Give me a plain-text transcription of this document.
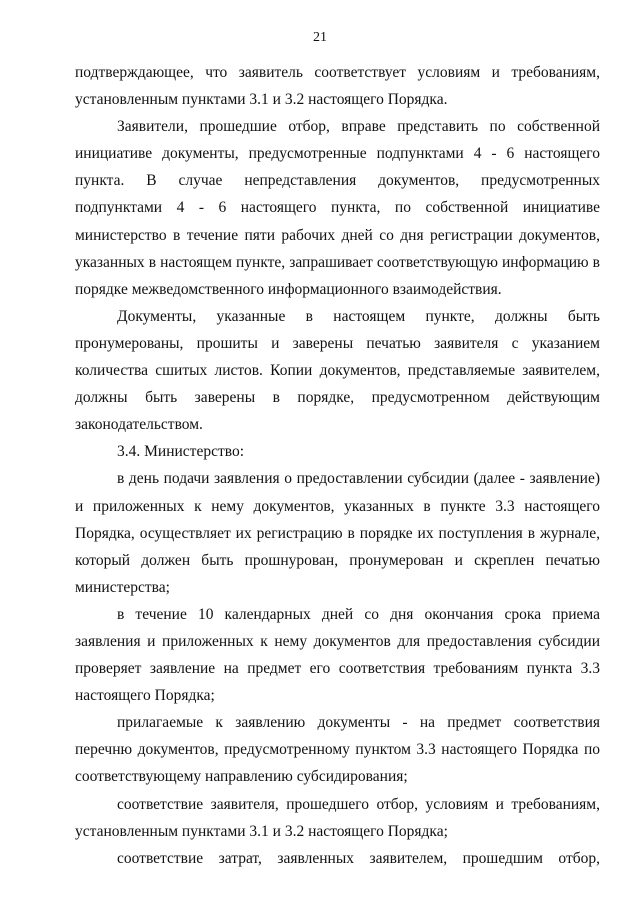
21

подтверждающее, что заявитель соответствует условиям и требованиям, установленным пунктами 3.1 и 3.2 настоящего Порядка.

Заявители, прошедшие отбор, вправе представить по собственной инициативе документы, предусмотренные подпунктами 4 - 6 настоящего пункта. В случае непредставления документов, предусмотренных подпунктами 4 - 6 настоящего пункта, по собственной инициативе министерство в течение пяти рабочих дней со дня регистрации документов, указанных в настоящем пункте, запрашивает соответствующую информацию в порядке межведомственного информационного взаимодействия.

Документы, указанные в настоящем пункте, должны быть пронумерованы, прошиты и заверены печатью заявителя с указанием количества сшитых листов. Копии документов, представляемые заявителем, должны быть заверены в порядке, предусмотренном действующим законодательством.

3.4. Министерство:

в день подачи заявления о предоставлении субсидии (далее - заявление) и приложенных к нему документов, указанных в пункте 3.3 настоящего Порядка, осуществляет их регистрацию в порядке их поступления в журнале, который должен быть прошнурован, пронумерован и скреплен печатью министерства;

в течение 10 календарных дней со дня окончания срока приема заявления и приложенных к нему документов для предоставления субсидии проверяет заявление на предмет его соответствия требованиям пункта 3.3 настоящего Порядка;

прилагаемые к заявлению документы - на предмет соответствия перечню документов, предусмотренному пунктом 3.3 настоящего Порядка по соответствующему направлению субсидирования;

соответствие заявителя, прошедшего отбор, условиям и требованиям, установленным пунктами 3.1 и 3.2 настоящего Порядка;

соответствие затрат, заявленных заявителем, прошедшим отбор,
